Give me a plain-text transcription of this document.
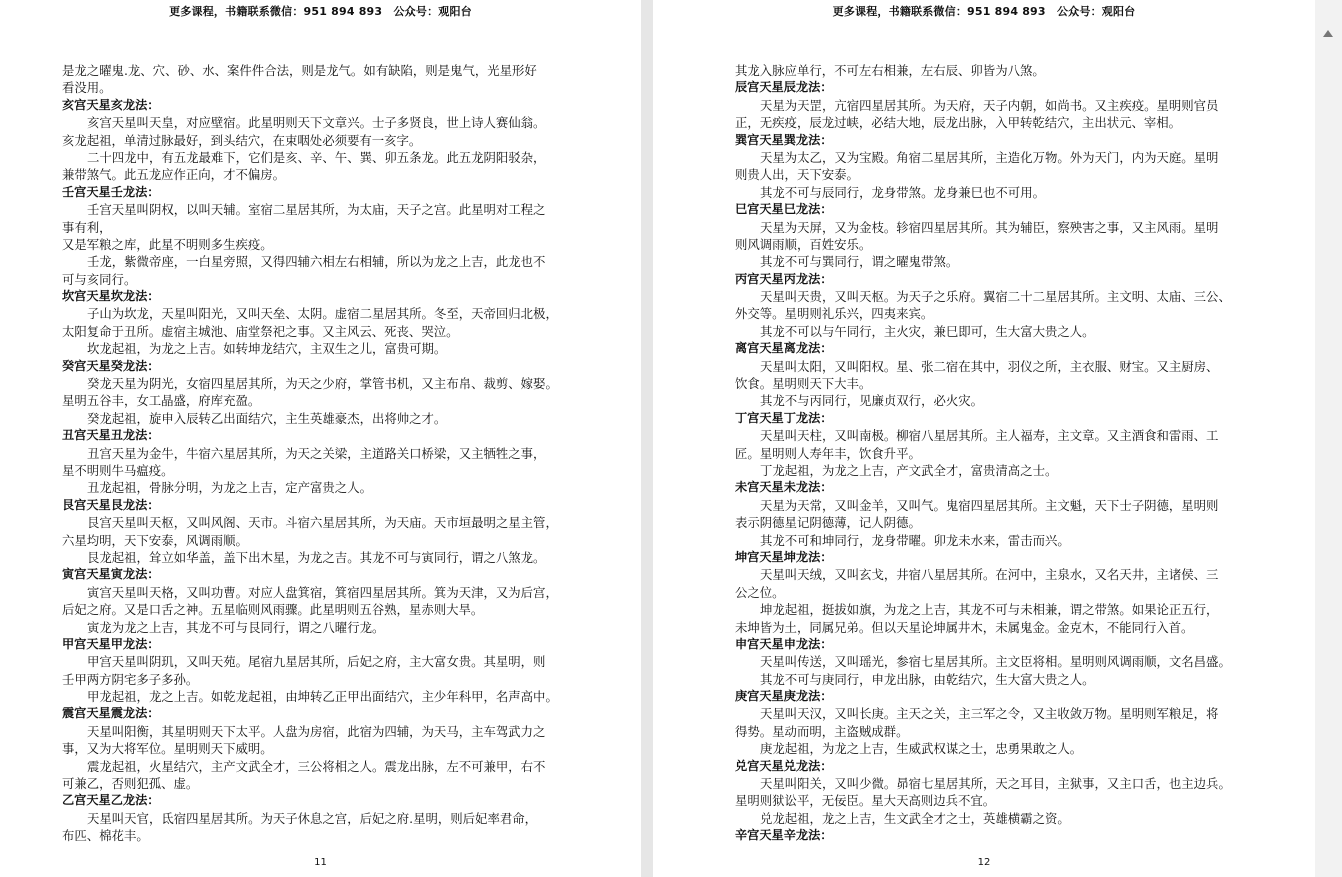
更多课程，书籍联系微信：951 894 893　公众号：观阳台
是龙之曜鬼.龙、穴、砂、水、案件件合法，则是龙气。如有缺陷，则是鬼气，光星形好
看没用。
亥宫天星亥龙法：
亥宫天星叫天皇，对应壁宿。此星明则天下文章兴。士子多贤良，世上诗人赛仙翁。
亥龙起祖，单清过脉最好，到头结穴，在束咽处必须要有一亥字。
二十四龙中，有五龙最难下，它们是亥、辛、午、巽、卯五条龙。此五龙阴阳驳杂，
兼带煞气。此五龙应作正向，才不偏房。
壬宫天星壬龙法：
壬宫天星叫阴权，以叫天辅。室宿二星居其所，为太庙，天子之宫。此星明对工程之
事有利，
又是军粮之库，此星不明则多生疾疫。
壬龙，紫微帝座，一白星旁照，又得四辅六相左右相辅，所以为龙之上吉，此龙也不
可与亥同行。
坎宫天星坎龙法：
子山为坎龙，天星叫阳光，又叫天垒、太阴。虚宿二星居其所。冬至，天帝回归北极，
太阳复命于丑所。虚宿主城池、庙堂祭祀之事。又主风云、死丧、哭泣。
坎龙起祖，为龙之上吉。如转坤龙结穴，主双生之儿，富贵可期。
癸宫天星癸龙法：
癸龙天星为阴光，女宿四星居其所，为天之少府，掌管书机，又主布帛、裁剪、嫁娶。
星明五谷丰，女工晶盛，府库充盈。
癸龙起祖，旋申入辰转乙出面结穴，主生英雄豪杰，出将帅之才。
丑宫天星丑龙法：
丑宫天星为金牛，牛宿六星居其所，为天之关梁，主道路关口桥梁，又主牺牲之事，
星不明则牛马瘟疫。
丑龙起祖，骨脉分明，为龙之上吉，定产富贵之人。
艮宫天星艮龙法：
艮宫天星叫天枢，又叫风阁、天市。斗宿六星居其所，为天庙。天市垣最明之星主管，
六星均明，天下安泰，风调雨顺。
艮龙起祖，耸立如华盖，盖下出木星，为龙之吉。其龙不可与寅同行，谓之八煞龙。
寅宫天星寅龙法：
寅宫天星叫天格，又叫功曹。对应人盘箕宿，箕宿四星居其所。箕为天津，又为后宫，
后妃之府。又是口舌之神。五星临则风雨骤。此星明则五谷熟，星赤则大旱。
寅龙为龙之上吉，其龙不可与艮同行，谓之八曜行龙。
甲宫天星甲龙法：
甲宫天星叫阴玑，又叫天苑。尾宿九星居其所，后妃之府，主大富女贵。其星明，则
壬甲两方阴宅多子多孙。
甲龙起祖，龙之上吉。如乾龙起祖，由坤转乙正甲出面结穴，主少年科甲，名声高中。
震宫天星震龙法：
天星叫阳衡，其星明则天下太平。人盘为房宿，此宿为四辅，为天马，主车驾武力之
事，又为大将军位。星明则天下威明。
震龙起祖，火星结穴，主产文武全才，三公将相之人。震龙出脉，左不可兼甲，右不
可兼乙，否则犯孤、虚。
乙宫天星乙龙法：
天星叫天官，氐宿四星居其所。为天子休息之宫，后妃之府.星明，则后妃率君命，
布匹、棉花丰。
11
更多课程，书籍联系微信：951 894 893　公众号：观阳台
其龙入脉应单行，不可左右相兼，左右辰、卯皆为八煞。
辰宫天星辰龙法：
天星为天罡，亢宿四星居其所。为天府，天子内朝，如尚书。又主疾疫。星明则官员
正，无疾疫，辰龙过峡，必结大地，辰龙出脉，入甲转乾结穴，主出状元、宰相。
巽宫天星巽龙法：
天星为太乙，又为宝殿。角宿二星居其所，主造化万物。外为天门，内为天庭。星明
则贵人出，天下安泰。
其龙不可与辰同行，龙身带煞。龙身兼巳也不可用。
巳宫天星巳龙法：
天星为天屏，又为金枝。轸宿四星居其所。其为辅臣，察殃害之事，又主风雨。星明
则风调雨顺，百姓安乐。
其龙不可与巽同行，谓之曜鬼带煞。
丙宫天星丙龙法：
天星叫天贵，又叫天枢。为天子之乐府。翼宿二十二星居其所。主文明、太庙、三公、
外交等。星明则礼乐兴，四夷来宾。
其龙不可以与午同行，主火灾，兼巳即可，生大富大贵之人。
离宫天星离龙法：
天星叫太阳，又叫阳权。星、张二宿在其中，羽仪之所，主衣服、财宝。又主厨房、
饮食。星明则天下大丰。
其龙不与丙同行，见廉贞双行，必火灾。
丁宫天星丁龙法：
天星叫天柱，又叫南极。柳宿八星居其所。主人福寿，主文章。又主酒食和雷雨、工
匠。星明则人寿年丰，饮食升平。
丁龙起祖，为龙之上吉，产文武全才，富贵清高之士。
未宫天星未龙法：
天星为天常，又叫金羊，又叫气。鬼宿四星居其所。主文魁，天下士子阴德，星明则
表示阴德星记阴德薄，记人阴德。
其龙不可和坤同行，龙身带曜。卯龙未水来，雷击而兴。
坤宫天星坤龙法：
天星叫天绒，又叫玄戈，井宿八星居其所。在河中，主泉水，又名天井，主诸侯、三
公之位。
坤龙起祖，挺拔如旗，为龙之上吉，其龙不可与未相兼，谓之带煞。如果论正五行，
未坤皆为土，同属兄弟。但以天星论坤属井木，未属鬼金。金克木，不能同行入首。
申宫天星申龙法：
天星叫传送，又叫瑶光，参宿七星居其所。主文臣将相。星明则风调雨顺，文名昌盛。
其龙不可与庚同行，申龙出脉，由乾结穴，生大富大贵之人。
庚宫天星庚龙法：
天星叫天汉，又叫长庚。主天之关，主三军之令，又主收敛万物。星明则军粮足，将
得势。星动而明，主盗贼成群。
庚龙起祖，为龙之上吉，生威武权谋之士，忠勇果敢之人。
兑宫天星兑龙法：
天星叫阳关，又叫少微。昴宿七星居其所，天之耳目，主狱事，又主口舌，也主边兵。
星明则狱讼平，无佞臣。星大天高则边兵不宜。
兑龙起祖，龙之上吉，生文武全才之士，英雄横霸之资。
辛宫天星辛龙法：
12
